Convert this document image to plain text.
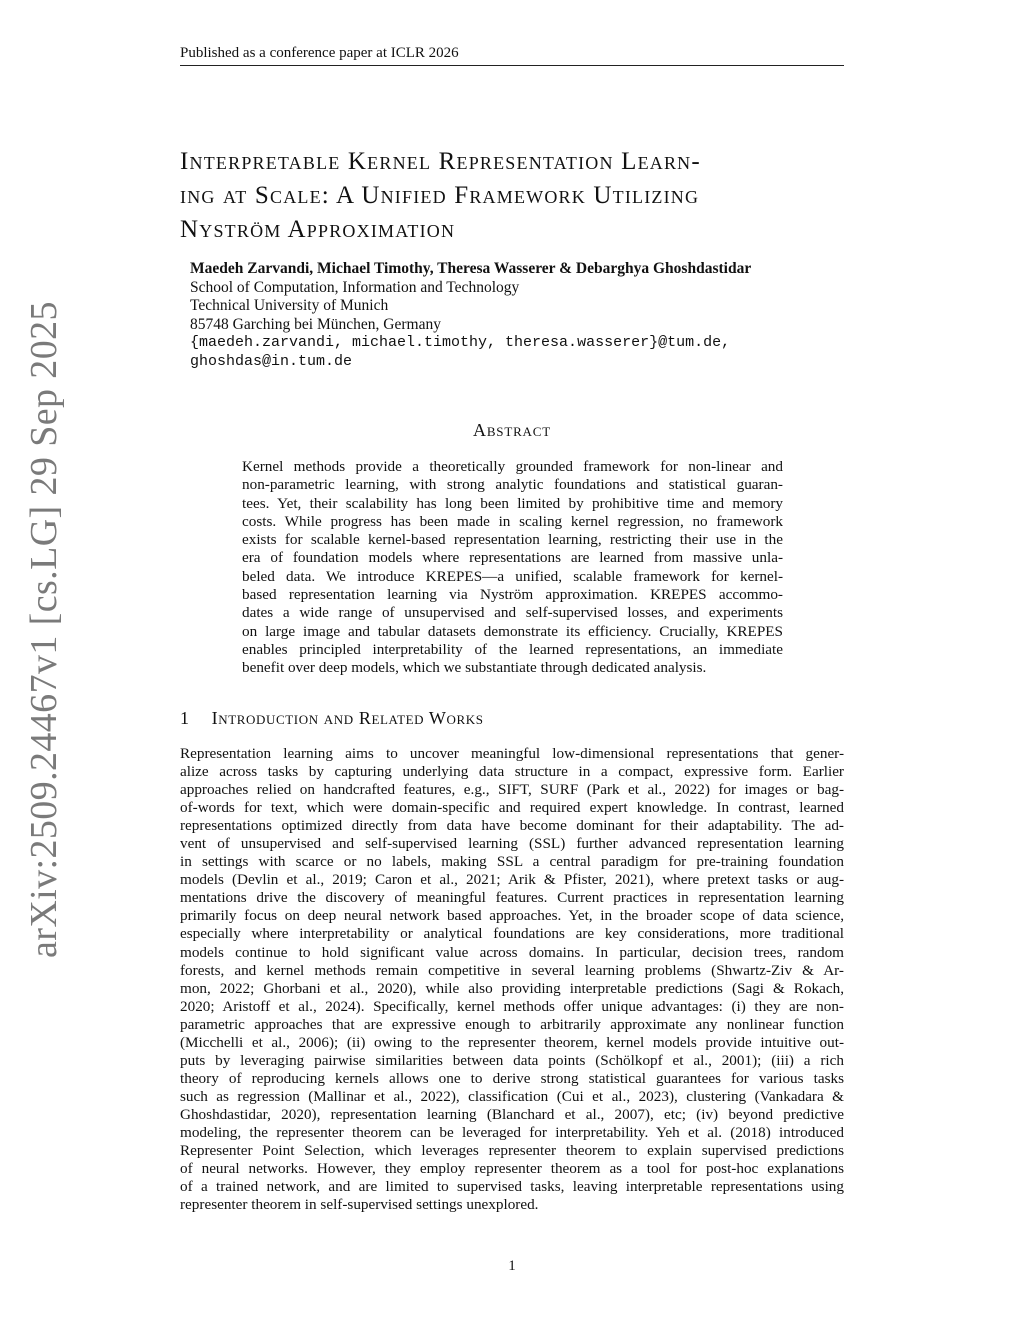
Published as a conference paper at ICLR 2026
arXiv:2509.24467v1 [cs.LG] 29 Sep 2025
Interpretable Kernel Representation Learn-
ing at Scale: A Unified Framework Utilizing
Nyström Approximation
Maedeh Zarvandi, Michael Timothy, Theresa Wasserer & Debarghya Ghoshdastidar
School of Computation, Information and Technology
Technical University of Munich
85748 Garching bei München, Germany
{maedeh.zarvandi, michael.timothy, theresa.wasserer}@tum.de,
ghoshdas@in.tum.de
Abstract
Kernel methods provide a theoretically grounded framework for non-linear and
non-parametric learning, with strong analytic foundations and statistical guaran-
tees. Yet, their scalability has long been limited by prohibitive time and memory
costs. While progress has been made in scaling kernel regression, no framework
exists for scalable kernel-based representation learning, restricting their use in the
era of foundation models where representations are learned from massive unla-
beled data. We introduce KREPES—a unified, scalable framework for kernel-
based representation learning via Nyström approximation. KREPES accommo-
dates a wide range of unsupervised and self-supervised losses, and experiments
on large image and tabular datasets demonstrate its efficiency. Crucially, KREPES
enables principled interpretability of the learned representations, an immediate
benefit over deep models, which we substantiate through dedicated analysis.
1 Introduction and Related Works
Representation learning aims to uncover meaningful low-dimensional representations that gener-
alize across tasks by capturing underlying data structure in a compact, expressive form. Earlier
approaches relied on handcrafted features, e.g., SIFT, SURF (Park et al., 2022) for images or bag-
of-words for text, which were domain-specific and required expert knowledge. In contrast, learned
representations optimized directly from data have become dominant for their adaptability. The ad-
vent of unsupervised and self-supervised learning (SSL) further advanced representation learning
in settings with scarce or no labels, making SSL a central paradigm for pre-training foundation
models (Devlin et al., 2019; Caron et al., 2021; Arik & Pfister, 2021), where pretext tasks or aug-
mentations drive the discovery of meaningful features. Current practices in representation learning
primarily focus on deep neural network based approaches. Yet, in the broader scope of data science,
especially where interpretability or analytical foundations are key considerations, more traditional
models continue to hold significant value across domains. In particular, decision trees, random
forests, and kernel methods remain competitive in several learning problems (Shwartz-Ziv & Ar-
mon, 2022; Ghorbani et al., 2020), while also providing interpretable predictions (Sagi & Rokach,
2020; Aristoff et al., 2024). Specifically, kernel methods offer unique advantages: (i) they are non-
parametric approaches that are expressive enough to arbitrarily approximate any nonlinear function
(Micchelli et al., 2006); (ii) owing to the representer theorem, kernel models provide intuitive out-
puts by leveraging pairwise similarities between data points (Schölkopf et al., 2001); (iii) a rich
theory of reproducing kernels allows one to derive strong statistical guarantees for various tasks
such as regression (Mallinar et al., 2022), classification (Cui et al., 2023), clustering (Vankadara &
Ghoshdastidar, 2020), representation learning (Blanchard et al., 2007), etc; (iv) beyond predictive
modeling, the representer theorem can be leveraged for interpretability. Yeh et al. (2018) introduced
Representer Point Selection, which leverages representer theorem to explain supervised predictions
of neural networks. However, they employ representer theorem as a tool for post-hoc explanations
of a trained network, and are limited to supervised tasks, leaving interpretable representations using
representer theorem in self-supervised settings unexplored.
1
